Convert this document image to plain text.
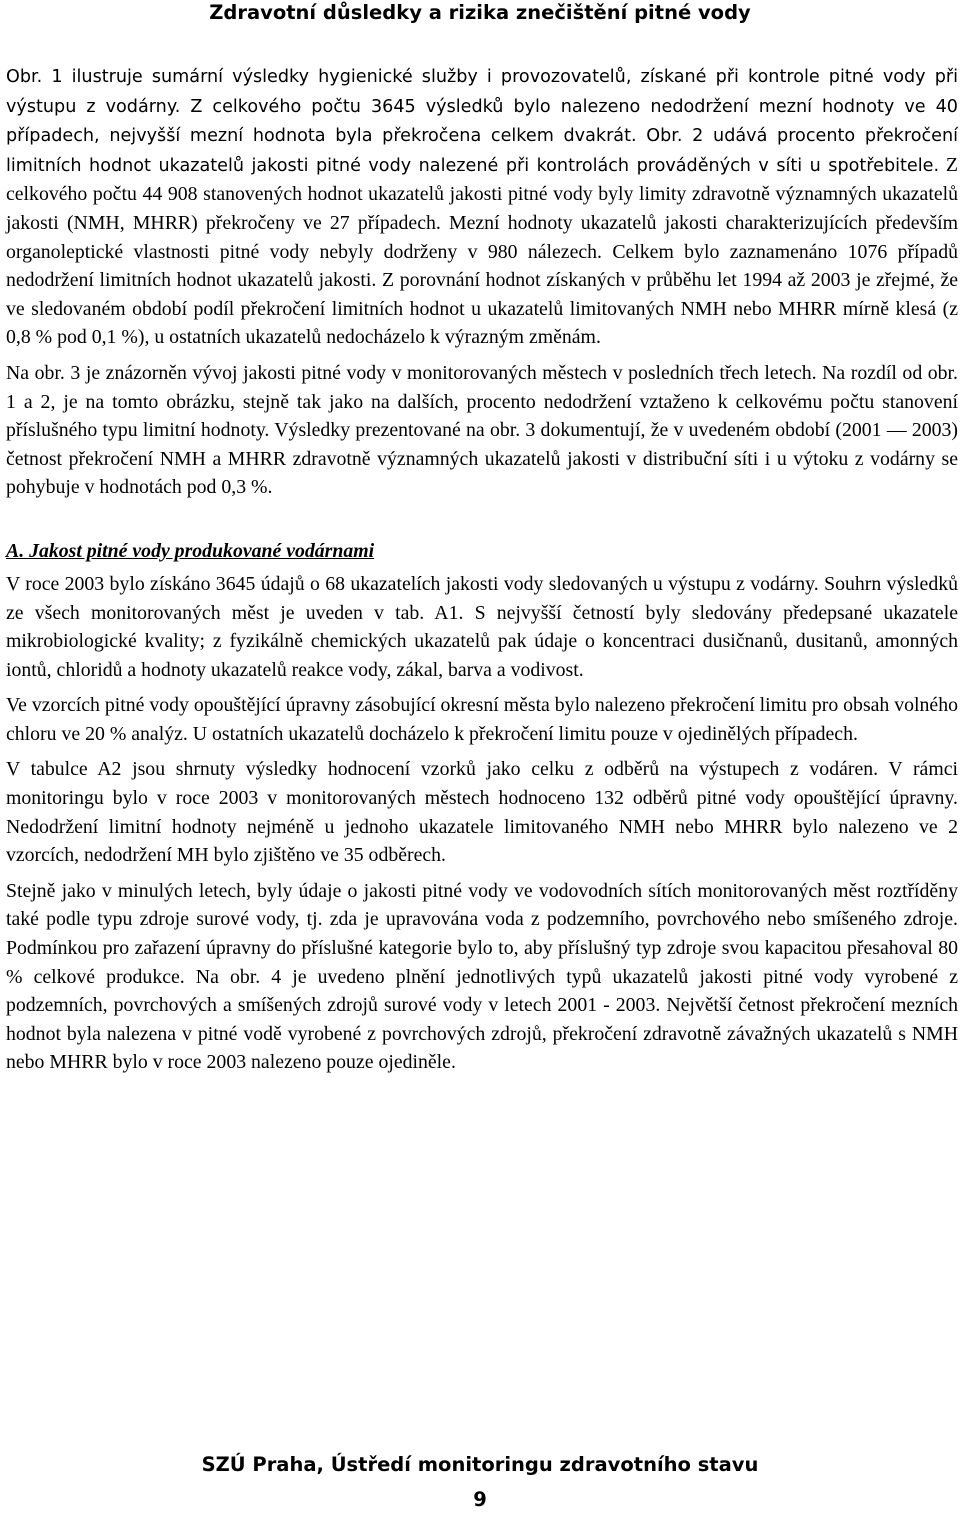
Zdravotní důsledky a rizika znečištění pitné vody

Obr. 1 ilustruje sumární výsledky hygienické služby i provozovatelů, získané při kontrole pitné vody při výstupu z vodárny. Z celkového počtu 3645 výsledků bylo nalezeno nedodržení mezní hodnoty ve 40 případech, nejvyšší mezní hodnota byla překročena celkem dvakrát. Obr. 2 udává procento překročení limitních hodnot ukazatelů jakosti pitné vody nalezené při kontrolách prováděných v síti u spotřebitele. Z celkového počtu 44 908 stanovených hodnot ukazatelů jakosti pitné vody byly limity zdravotně významných ukazatelů jakosti (NMH, MHRR) překročeny ve 27 případech. Mezní hodnoty ukazatelů jakosti charakterizujících především organoleptické vlastnosti pitné vody nebyly dodrženy v 980 nálezech. Celkem bylo zaznamenáno 1076 případů nedodržení limitních hodnot ukazatelů jakosti. Z porovnání hodnot získaných v průběhu let 1994 až 2003 je zřejmé, že ve sledovaném období podíl překročení limitních hodnot u ukazatelů limitovaných NMH nebo MHRR mírně klesá (z 0,8 % pod 0,1 %), u ostatních ukazatelů nedocházelo k výrazným změnám.

Na obr. 3 je znázorněn vývoj jakosti pitné vody v monitorovaných městech v posledních třech letech. Na rozdíl od obr. 1 a 2, je na tomto obrázku, stejně tak jako na dalších, procento nedodržení vztaženo k celkovému počtu stanovení příslušného typu limitní hodnoty. Výsledky prezentované na obr. 3 dokumentují, že v uvedeném období (2001 — 2003) četnost překročení NMH a MHRR zdravotně významných ukazatelů jakosti v distribuční síti i u výtoku z vodárny se pohybuje v hodnotách pod 0,3 %.

A. Jakost pitné vody produkované vodárnami

V roce 2003 bylo získáno 3645 údajů o 68 ukazatelích jakosti vody sledovaných u výstupu z vodárny. Souhrn výsledků ze všech monitorovaných měst je uveden v tab. A1. S nejvyšší četností byly sledovány předepsané ukazatele mikrobiologické kvality; z fyzikálně chemických ukazatelů pak údaje o koncentraci dusičnanů, dusitanů, amonných iontů, chloridů a hodnoty ukazatelů reakce vody, zákal, barva a vodivost.

Ve vzorcích pitné vody opouštějící úpravny zásobující okresní města bylo nalezeno překročení limitu pro obsah volného chloru ve 20 % analýz. U ostatních ukazatelů docházelo k překročení limitu pouze v ojedinělých případech.

V tabulce A2 jsou shrnuty výsledky hodnocení vzorků jako celku z odběrů na výstupech z vodáren. V rámci monitoringu bylo v roce 2003 v monitorovaných městech hodnoceno 132 odběrů pitné vody opouštějící úpravny. Nedodržení limitní hodnoty nejméně u jednoho ukazatele limitovaného NMH nebo MHRR bylo nalezeno ve 2 vzorcích, nedodržení MH bylo zjištěno ve 35 odběrech.

Stejně jako v minulých letech, byly údaje o jakosti pitné vody ve vodovodních sítích monitorovaných měst roztříděny také podle typu zdroje surové vody, tj. zda je upravována voda z podzemního, povrchového nebo smíšeného zdroje. Podmínkou pro zařazení úpravny do příslušné kategorie bylo to, aby příslušný typ zdroje svou kapacitou přesahoval 80 % celkové produkce. Na obr. 4 je uvedeno plnění jednotlivých typů ukazatelů jakosti pitné vody vyrobené z podzemních, povrchových a smíšených zdrojů surové vody v letech 2001 - 2003. Největší četnost překročení mezních hodnot byla nalezena v pitné vodě vyrobené z povrchových zdrojů, překročení zdravotně závažných ukazatelů s NMH nebo MHRR bylo v roce 2003 nalezeno pouze ojediněle.

SZÚ Praha, Ústředí monitoringu zdravotního stavu
9
